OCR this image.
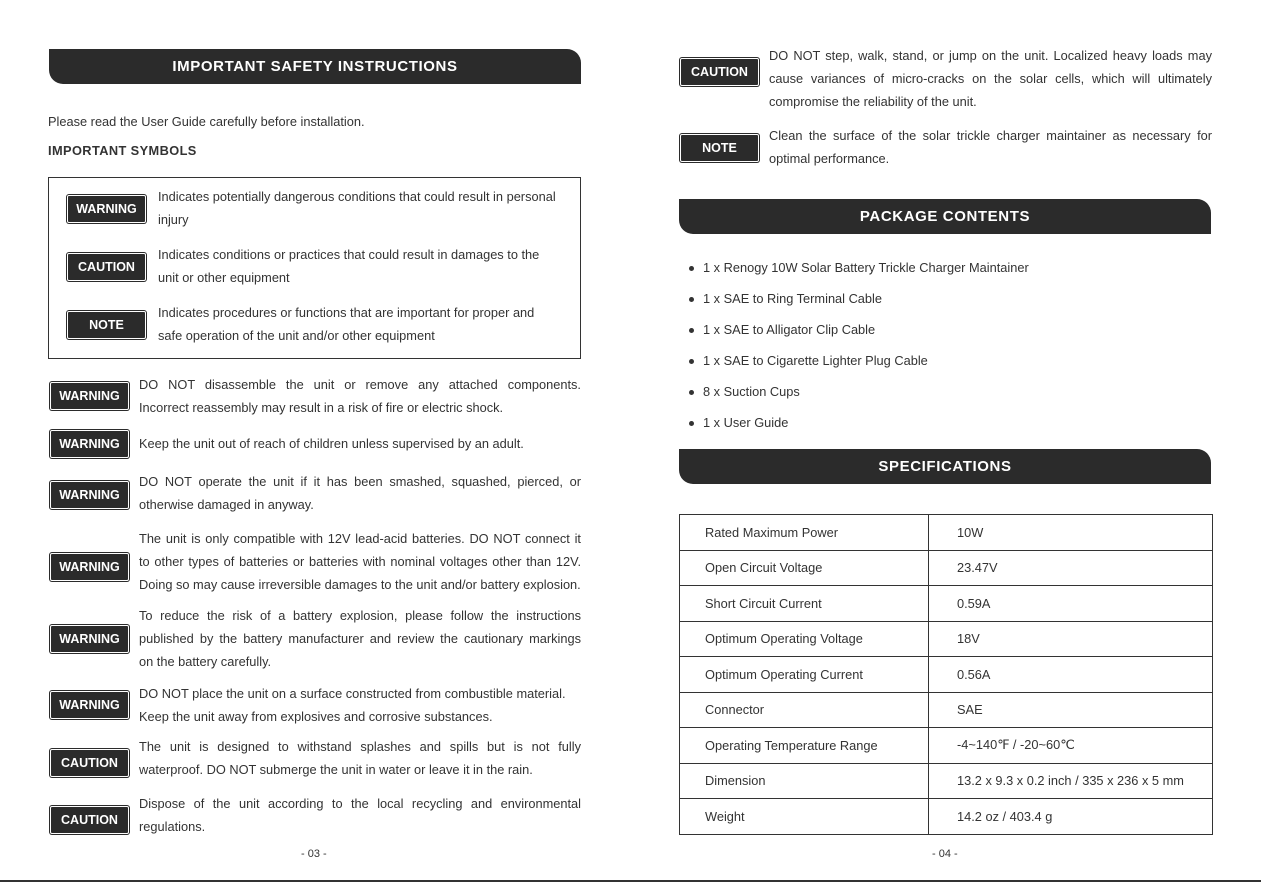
IMPORTANT SAFETY INSTRUCTIONS
Please read the User Guide carefully before installation.
IMPORTANT SYMBOLS
WARNING
Indicates potentially dangerous conditions that could result in personal
injury
CAUTION
Indicates conditions or practices that could result in damages to the
unit or other equipment
NOTE
Indicates procedures or functions that are important for proper and
safe operation of the unit and/or other equipment
WARNING
DO NOT disassemble the unit or remove any attached components.
Incorrect reassembly may result in a risk of fire or electric shock.
WARNING	Keep the unit out of reach of children unless supervised by an adult.
WARNING
DO NOT operate the unit if it has been smashed, squashed, pierced, or
otherwise damaged in anyway.
WARNING
The unit is only compatible with 12V lead-acid batteries. DO NOT connect it
to other types of batteries or batteries with nominal voltages other than 12V.
Doing so may cause irreversible damages to the unit and/or battery explosion.
WARNING
To reduce the risk of a battery explosion, please follow the instructions
published by the battery manufacturer and review the cautionary markings
on the battery carefully.
WARNING
DO NOT place the unit on a surface constructed from combustible material.
Keep the unit away from explosives and corrosive substances.
CAUTION
The unit is designed to withstand splashes and spills but is not fully
waterproof. DO NOT submerge the unit in water or leave it in the rain.
CAUTION
Dispose of the unit according to the local recycling and environmental
regulations.
- 03 -
CAUTION
DO NOT step, walk, stand, or jump on the unit. Localized heavy loads may
cause variances of micro-cracks on the solar cells, which will ultimately
compromise the reliability of the unit.
NOTE
Clean the surface of the solar trickle charger maintainer as necessary for
optimal performance.
PACKAGE CONTENTS
1 x Renogy 10W Solar Battery Trickle Charger Maintainer
1 x SAE to Ring Terminal Cable
1 x SAE to Alligator Clip Cable
1 x SAE to Cigarette Lighter Plug Cable
8 x Suction Cups
1 x User Guide
SPECIFICATIONS
Rated Maximum Power	10W
Open Circuit Voltage	23.47V
Short Circuit Current	0.59A
Optimum Operating Voltage	18V
Optimum Operating Current	0.56A
Connector	SAE
Operating Temperature Range	-4~140℉ / -20~60℃
Dimension	13.2 x 9.3 x 0.2 inch / 335 x 236 x 5 mm
Weight	14.2 oz / 403.4 g
- 04 -
